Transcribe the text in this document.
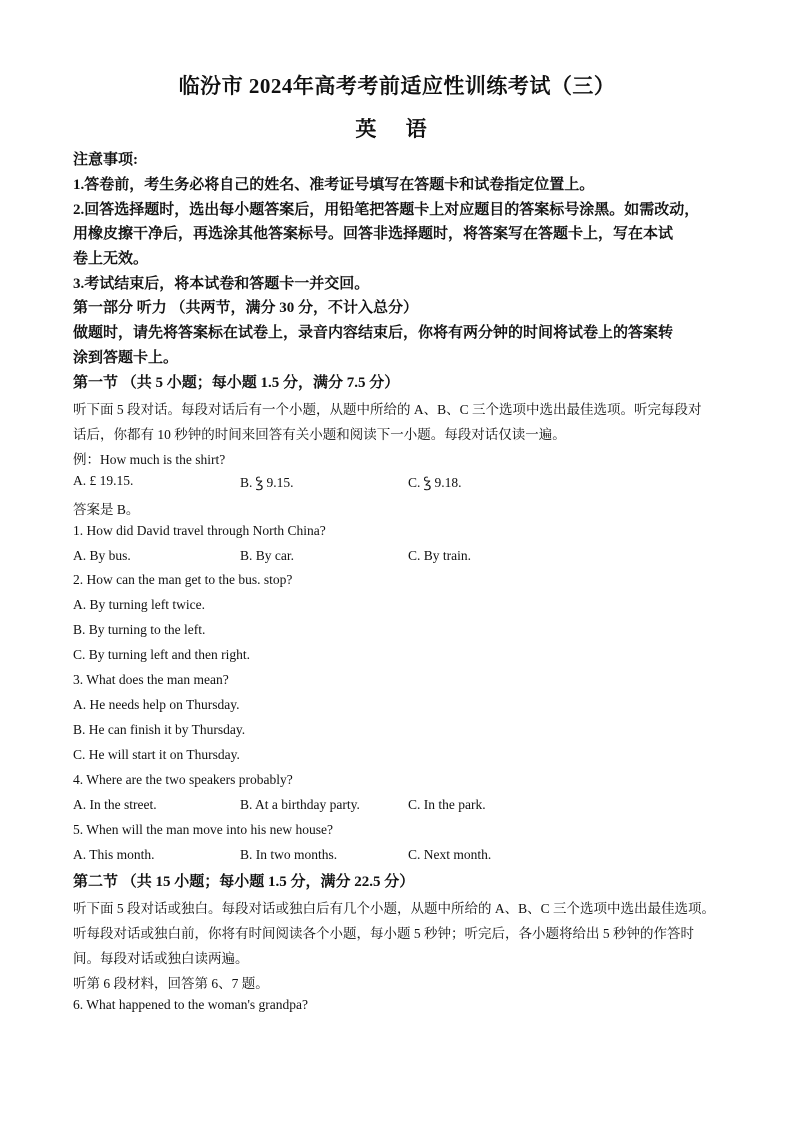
临汾市 2024年高考考前适应性训练考试（三）
英 语
注意事项:
1.答卷前，考生务必将自己的姓名、准考证号填写在答题卡和试卷指定位置上。
2.回答选择题时，选出每小题答案后，用铅笔把答题卡上对应题目的答案标号涂黑。如需改动，
用橡皮擦干净后，再选涂其他答案标号。回答非选择题时，将答案写在答题卡上，写在本试
卷上无效。
3.考试结束后，将本试卷和答题卡一并交回。
第一部分 听力 （共两节，满分 30 分，不计入总分）
做题时，请先将答案标在试卷上，录音内容结束后，你将有两分钟的时间将试卷上的答案转
涂到答题卡上。
第一节 （共 5 小题；每小题 1.5 分，满分 7.5 分）
听下面 5 段对话。每段对话后有一个小题，从题中所给的 A、B、C 三个选项中选出最佳选项。听完每段对
话后，你都有 10 秒钟的时间来回答有关小题和阅读下一小题。每段对话仅读一遍。
例：How much is the shirt?
A. £ 19.15.	B. Ꝣ 9.15.	C. Ꝣ 9.18.
答案是 B。
1. How did David travel through North China?
A. By bus.	B. By car.	C. By train.
2. How can the man get to the bus. stop?
A. By turning left twice.
B. By turning to the left.
C. By turning left and then right.
3. What does the man mean?
A. He needs help on Thursday.
B. He can finish it by Thursday.
C. He will start it on Thursday.
4. Where are the two speakers probably?
A. In the street.	B. At a birthday party.	C. In the park.
5. When will the man move into his new house?
A. This month.	B. In two months.	C. Next month.
第二节 （共 15 小题；每小题 1.5 分，满分 22.5 分）
听下面 5 段对话或独白。每段对话或独白后有几个小题，从题中所给的 A、B、C 三个选项中选出最佳选项。
听每段对话或独白前，你将有时间阅读各个小题，每小题 5 秒钟；听完后，各小题将给出 5 秒钟的作答时
间。每段对话或独白读两遍。
听第 6 段材料，回答第 6、7 题。
6. What happened to the woman's grandpa?
